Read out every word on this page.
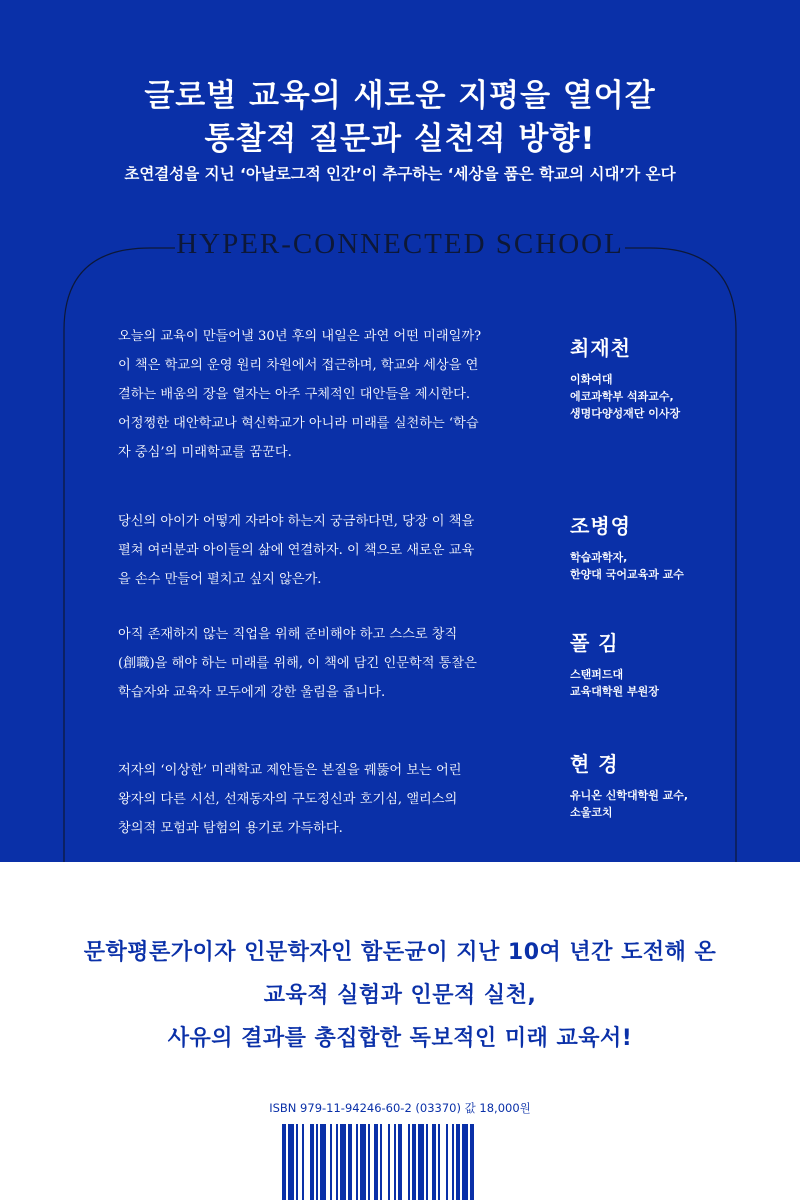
글로벌 교육의 새로운 지평을 열어갈
통찰적 질문과 실천적 방향!
초연결성을 지닌 ‘아날로그적 인간’이 추구하는 ‘세상을 품은 학교의 시대’가 온다
HYPER-CONNECTED SCHOOL

오늘의 교육이 만들어낼 30년 후의 내일은 과연 어떤 미래일까?

이 책은 학교의 운영 원리 차원에서 접근하며, 학교와 세상을 연

결하는 배움의 장을 열자는 아주 구체적인 대안들을 제시한다.

어정쩡한 대안학교나 혁신학교가 아니라 미래를 실천하는 ‘학습

자 중심’의 미래학교를 꿈꾼다.

최재천
이화여대
에코과학부 석좌교수,
생명다양성재단 이사장

당신의 아이가 어떻게 자라야 하는지 궁금하다면, 당장 이 책을

펼쳐 여러분과 아이들의 삶에 연결하자. 이 책으로 새로운 교육

을 손수 만들어 펼치고 싶지 않은가.

조병영
학습과학자,
한양대 국어교육과 교수

아직 존재하지 않는 직업을 위해 준비해야 하고 스스로 창직

(創職)을 해야 하는 미래를 위해, 이 책에 담긴 인문학적 통찰은

학습자와 교육자 모두에게 강한 울림을 줍니다.

폴 김
스탠퍼드대
교육대학원 부원장

저자의 ‘이상한’ 미래학교 제안들은 본질을 꿰뚫어 보는 어린

왕자의 다른 시선, 선재동자의 구도정신과 호기심, 앨리스의

창의적 모험과 탐험의 용기로 가득하다.

현 경
유니온 신학대학원 교수,
소울코치
문학평론가이자 인문학자인 함돈균이 지난 10여 년간 도전해 온
교육적 실험과 인문적 실천,
사유의 결과를 총집합한 독보적인 미래 교육서!
ISBN 979-11-94246-60-2 (03370) 값 18,000원
